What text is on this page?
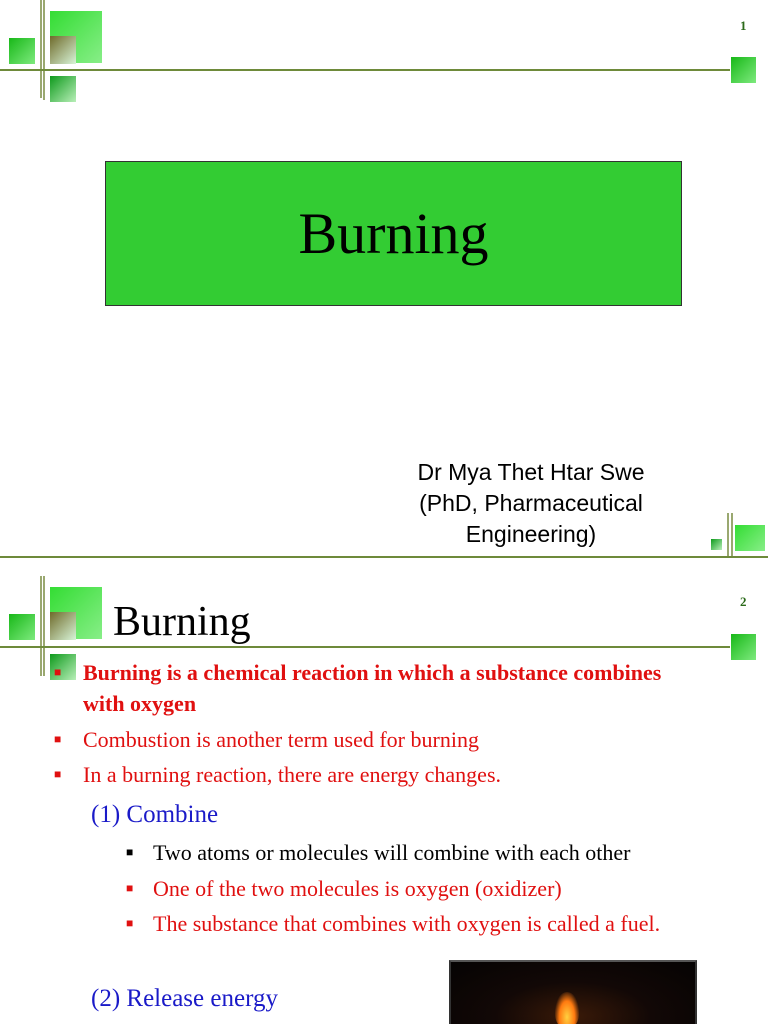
1
Burning
Dr Mya Thet Htar Swe
(PhD, Pharmaceutical
Engineering)
2
Burning
■ Burning is a chemical reaction in which a substance combines
with oxygen
■ Combustion is another term used for burning
■ In a burning reaction, there are energy changes.
(1) Combine
■ Two atoms or molecules will combine with each other
■ One of the two molecules is oxygen (oxidizer)
■ The substance that combines with oxygen is called a fuel.
(2) Release energy
